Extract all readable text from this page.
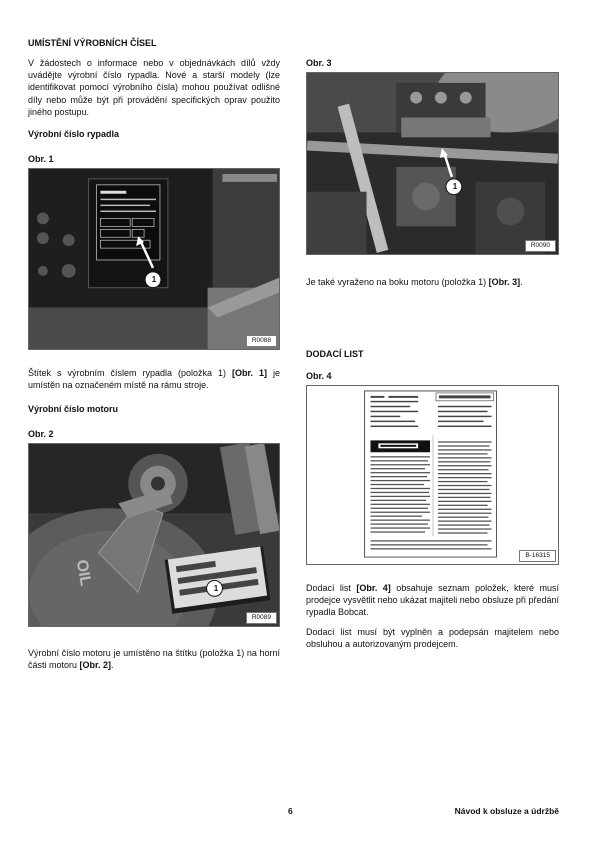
UMÍSTĚNÍ VÝROBNÍCH ČÍSEL
V žádostech o informace nebo v objednávkách dílů vždy uvádějte výrobní číslo rypadla. Nové a starší modely (lze identifikovat pomocí výrobního čísla) mohou používat odlišné díly nebo může být při provádění specifických oprav použito jiného postupu.
Výrobní číslo rypadla
Obr. 1
1
R0088
Štítek s výrobním číslem rypadla (položka 1) [Obr. 1] je umístěn na označeném místě na rámu stroje.
Výrobní číslo motoru
Obr. 2
OIL
1
R0089
Výrobní číslo motoru je umístěno na štítku (položka 1) na horní části motoru [Obr. 2].
Obr. 3
1
R0090
Je také vyraženo na boku motoru (položka 1) [Obr. 3].
DODACÍ LIST
Obr. 4
B-16315
Dodací list [Obr. 4] obsahuje seznam položek, které musí prodejce vysvětlit nebo ukázat majiteli nebo obsluze při předání rypadla Bobcat.
Dodací list musí být vyplněn a podepsán majitelem nebo obsluhou a autorizovaným prodejcem.
6	Návod k obsluze a údržbě
